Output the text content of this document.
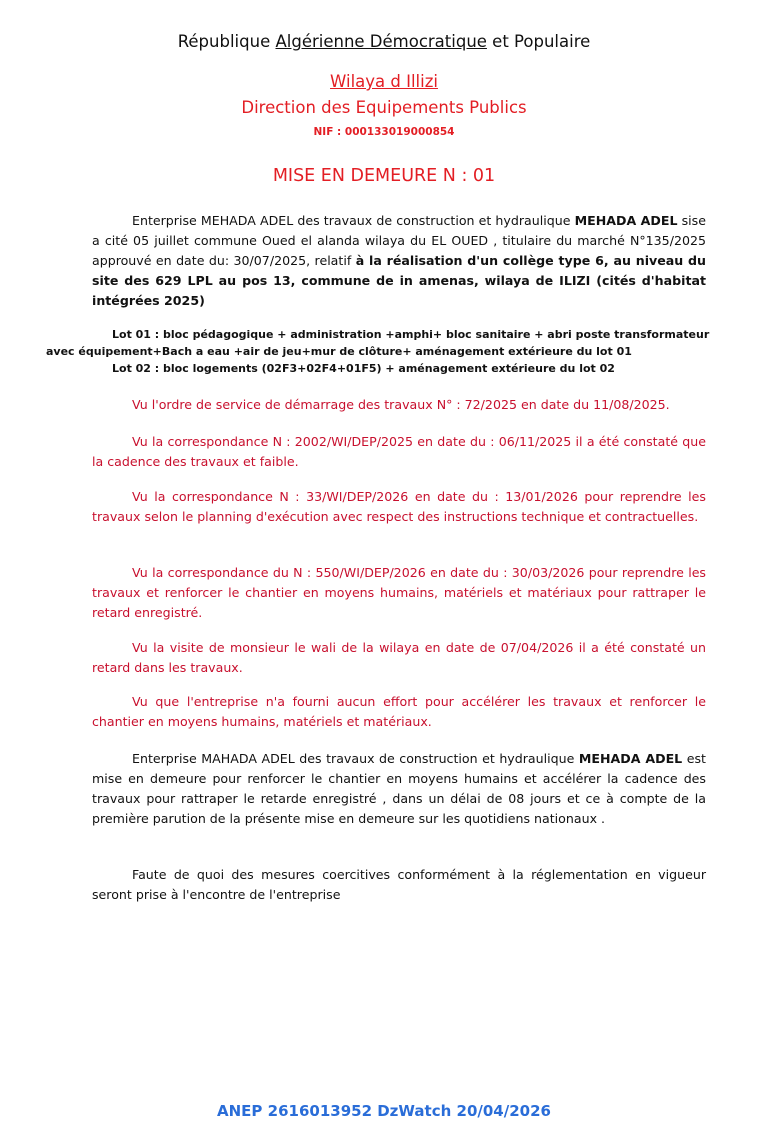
République Algérienne Démocratique et Populaire
Wilaya d Illizi
Direction des Equipements Publics
NIF : 000133019000854
MISE EN DEMEURE N : 01

Enterprise MEHADA ADEL des travaux de construction et hydraulique MEHADA ADEL sise a cité 05 juillet commune Oued el alanda wilaya du EL OUED , titulaire du marché N°135/2025 approuvé en date du: 30/07/2025, relatif à la réalisation d'un collège type 6, au niveau du site des 629 LPL au pos 13, commune de in amenas, wilaya de ILIZI (cités d'habitat intégrées 2025)

Lot 01 : bloc pédagogique + administration +amphi+ bloc sanitaire + abri poste transformateur
avec équipement+Bach a eau +air de jeu+mur de clôture+ aménagement extérieure du lot 01
Lot 02 : bloc logements (02F3+02F4+01F5) + aménagement extérieure du lot 02

Vu l'ordre de service de démarrage des travaux N° : 72/2025 en date du 11/08/2025.

Vu la correspondance N : 2002/WI/DEP/2025 en date du : 06/11/2025 il a été constaté que la cadence des travaux et faible.

Vu la correspondance N : 33/WI/DEP/2026 en date du : 13/01/2026 pour reprendre les travaux selon le planning d'exécution avec respect des instructions technique et contractuelles.

Vu la correspondance du N : 550/WI/DEP/2026 en date du : 30/03/2026 pour reprendre les travaux et renforcer le chantier en moyens humains, matériels et matériaux pour rattraper le retard enregistré.

Vu la visite de monsieur le wali de la wilaya en date de 07/04/2026 il a été constaté un retard dans les travaux.

Vu que l'entreprise n'a fourni aucun effort pour accélérer les travaux et renforcer le chantier en moyens humains, matériels et matériaux.

Enterprise MAHADA ADEL des travaux de construction et hydraulique MEHADA ADEL est mise en demeure pour renforcer le chantier en moyens humains et accélérer la cadence des travaux pour rattraper le retarde enregistré , dans un délai de 08 jours et ce à compte de la première parution de la présente mise en demeure sur les quotidiens nationaux .

Faute de quoi des mesures coercitives conformément à la réglementation en vigueur seront prise à l'encontre de l'entreprise

ANEP 2616013952 DzWatch 20/04/2026
